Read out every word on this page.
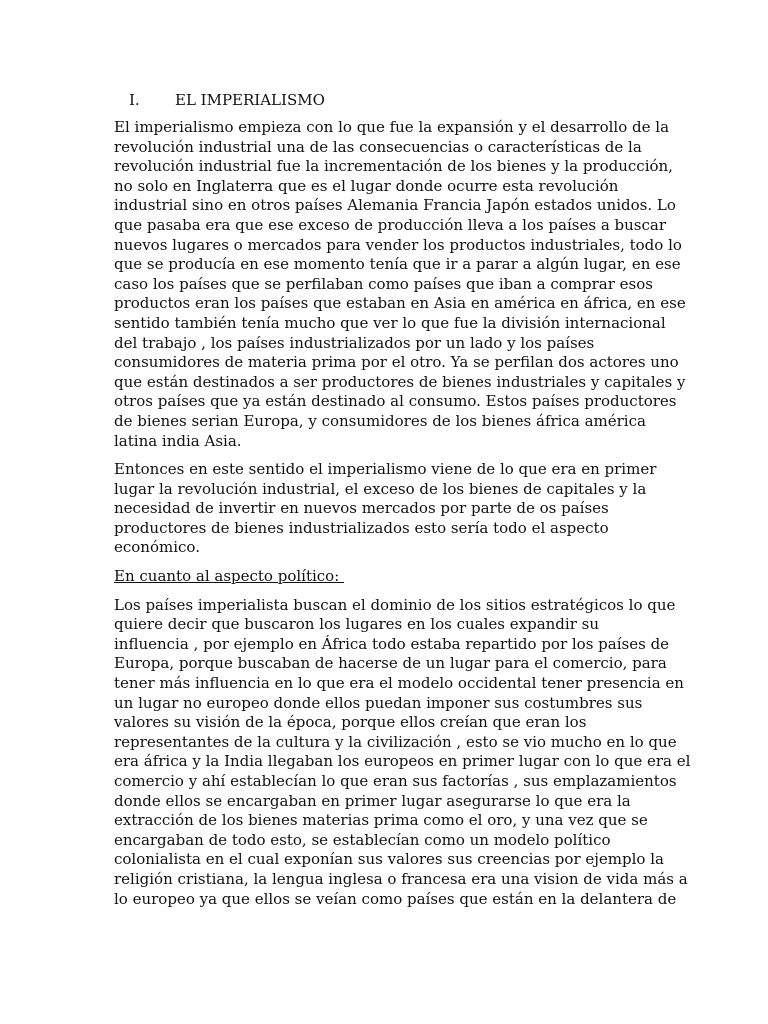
I. EL IMPERIALISMO
El imperialismo empieza con lo que fue la expansión y el desarrollo de la
revolución industrial una de las consecuencias o características de la
revolución industrial fue la incrementación de los bienes y la producción,
no solo en Inglaterra que es el lugar donde ocurre esta revolución
industrial sino en otros países Alemania Francia Japón estados unidos. Lo
que pasaba era que ese exceso de producción lleva a los países a buscar
nuevos lugares o mercados para vender los productos industriales, todo lo
que se producía en ese momento tenía que ir a parar a algún lugar, en ese
caso los países que se perfilaban como países que iban a comprar esos
productos eran los países que estaban en Asia en américa en áfrica, en ese
sentido también tenía mucho que ver lo que fue la división internacional
del trabajo , los países industrializados por un lado y los países
consumidores de materia prima por el otro. Ya se perfilan dos actores uno
que están destinados a ser productores de bienes industriales y capitales y
otros países que ya están destinado al consumo. Estos países productores
de bienes serian Europa, y consumidores de los bienes áfrica américa
latina india Asia.
Entonces en este sentido el imperialismo viene de lo que era en primer
lugar la revolución industrial, el exceso de los bienes de capitales y la
necesidad de invertir en nuevos mercados por parte de os países
productores de bienes industrializados esto sería todo el aspecto
económico.
En cuanto al aspecto político:
Los países imperialista buscan el dominio de los sitios estratégicos lo que
quiere decir que buscaron los lugares en los cuales expandir su
influencia , por ejemplo en África todo estaba repartido por los países de
Europa, porque buscaban de hacerse de un lugar para el comercio, para
tener más influencia en lo que era el modelo occidental tener presencia en
un lugar no europeo donde ellos puedan imponer sus costumbres sus
valores su visión de la época, porque ellos creían que eran los
representantes de la cultura y la civilización , esto se vio mucho en lo que
era áfrica y la India llegaban los europeos en primer lugar con lo que era el
comercio y ahí establecían lo que eran sus factorías , sus emplazamientos
donde ellos se encargaban en primer lugar asegurarse lo que era la
extracción de los bienes materias prima como el oro, y una vez que se
encargaban de todo esto, se establecían como un modelo político
colonialista en el cual exponían sus valores sus creencias por ejemplo la
religión cristiana, la lengua inglesa o francesa era una vision de vida más a
lo europeo ya que ellos se veían como países que están en la delantera de
